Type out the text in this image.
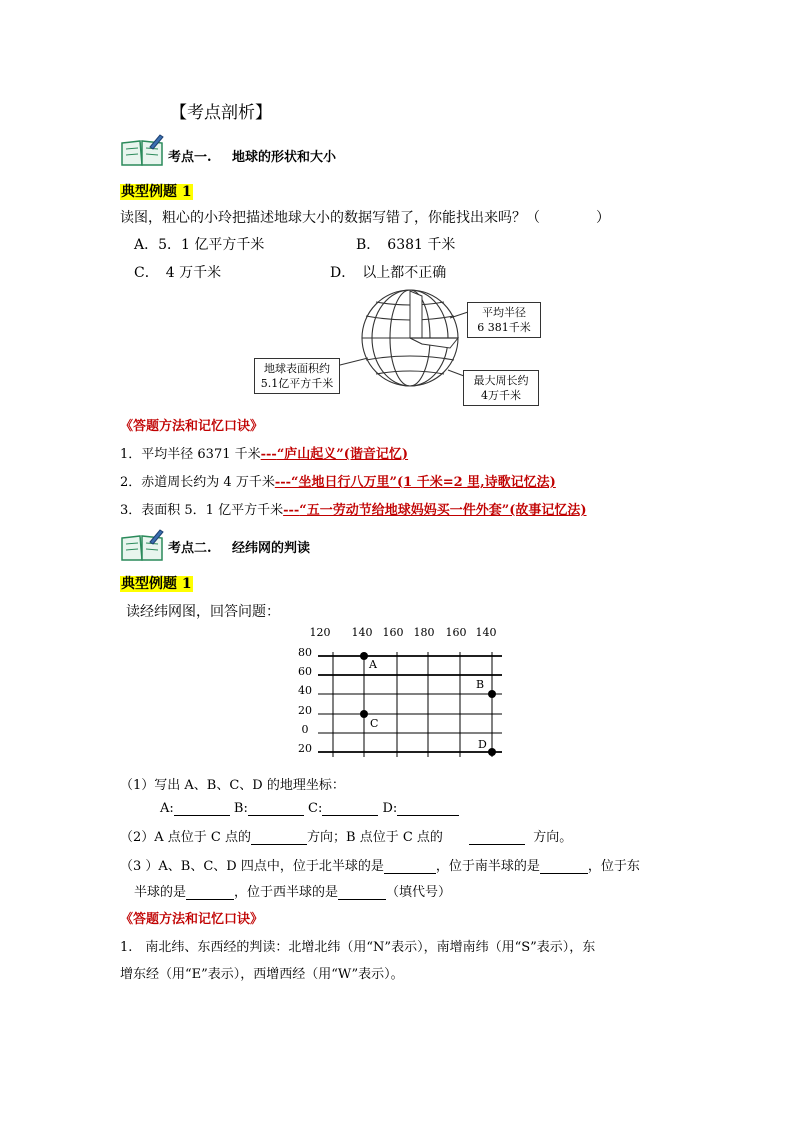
【考点剖析】
考点一. 地球的形状和大小
典型例题 1
读图，粗心的小玲把描述地球大小的数据写错了，你能找出来吗？（　　　　）
A．5．1 亿平方千米	B．　6381 千米
C．　4 万千米	D．　以上都不正确
平均半径
6 381千米
地球表面积约
5.1亿平方千米	最大周长约
4万千米
《答题方法和记忆口诀》
1．平均半径 6371 千米---“庐山起义”(谐音记忆)
2．赤道周长约为 4 万千米---“坐地日行八万里”(1 千米=2 里,诗歌记忆法)
3．表面积 5．1 亿平方千米---“五一劳动节给地球妈妈买一件外套”(故事记忆法)
考点二. 经纬网的判读
典型例题 1
读经纬网图，回答问题：
120 140 160 180 160 140
80
60
40
20
0
20
A
B
C
D
（1）写出 A、B、C、D 的地理坐标：
A:	B:	C:	D:
（2）A 点位于 C 点的	方向；B 点位于 C 点的	方向。
（3 ）A、B、C、D 四点中，位于北半球的是	，位于南半球的是	，位于东
半球的是	，位于西半球的是	（填代号）
《答题方法和记忆口诀》
1.　南北纬、东西经的判读：北增北纬（用“N”表示），南增南纬（用“S”表示），东
增东经（用“E”表示），西增西经（用“W”表示）。
